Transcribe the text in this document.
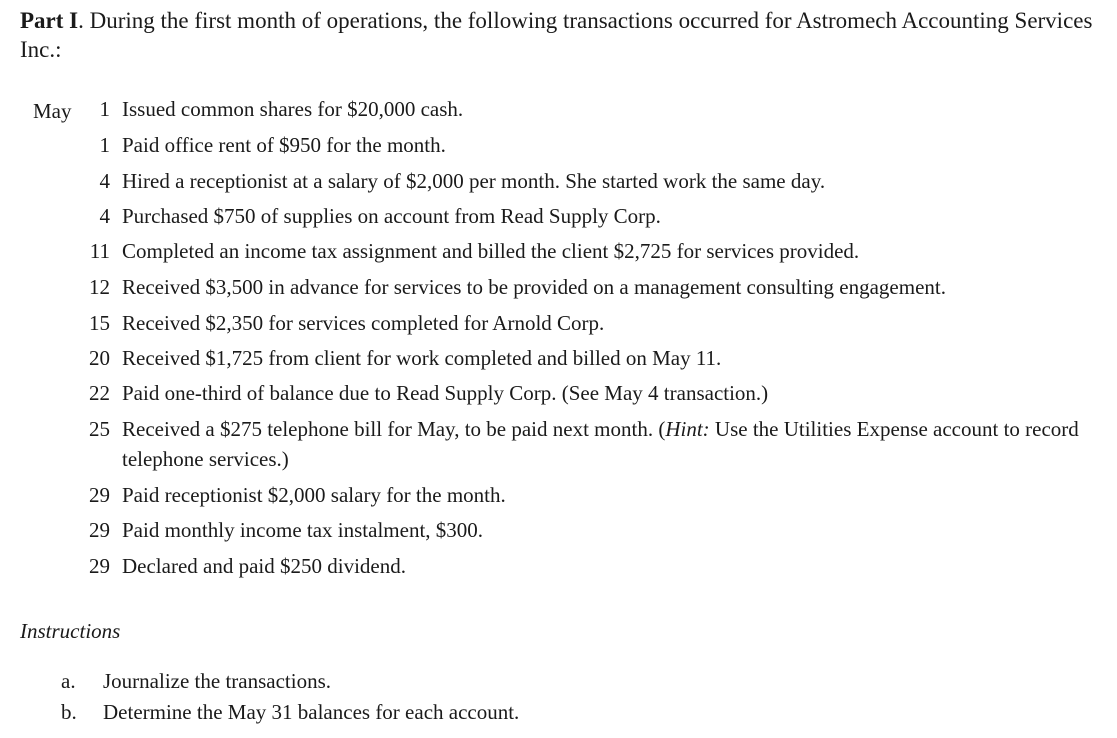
Part I. During the first month of operations, the following transactions occurred for Astromech Accounting Services Inc.:
May	1 Issued common shares for $20,000 cash.
1 Paid office rent of $950 for the month.
4 Hired a receptionist at a salary of $2,000 per month. She started work the same day.
4 Purchased $750 of supplies on account from Read Supply Corp.
11 Completed an income tax assignment and billed the client $2,725 for services provided.
12 Received $3,500 in advance for services to be provided on a management consulting engagement.
15 Received $2,350 for services completed for Arnold Corp.
20 Received $1,725 from client for work completed and billed on May 11.
22 Paid one-third of balance due to Read Supply Corp. (See May 4 transaction.)
25 Received a $275 telephone bill for May, to be paid next month. (Hint: Use the Utilities Expense account to record telephone services.)
29 Paid receptionist $2,000 salary for the month.
29 Paid monthly income tax instalment, $300.
29 Declared and paid $250 dividend.
Instructions
a.	Journalize the transactions.
b.	Determine the May 31 balances for each account.
